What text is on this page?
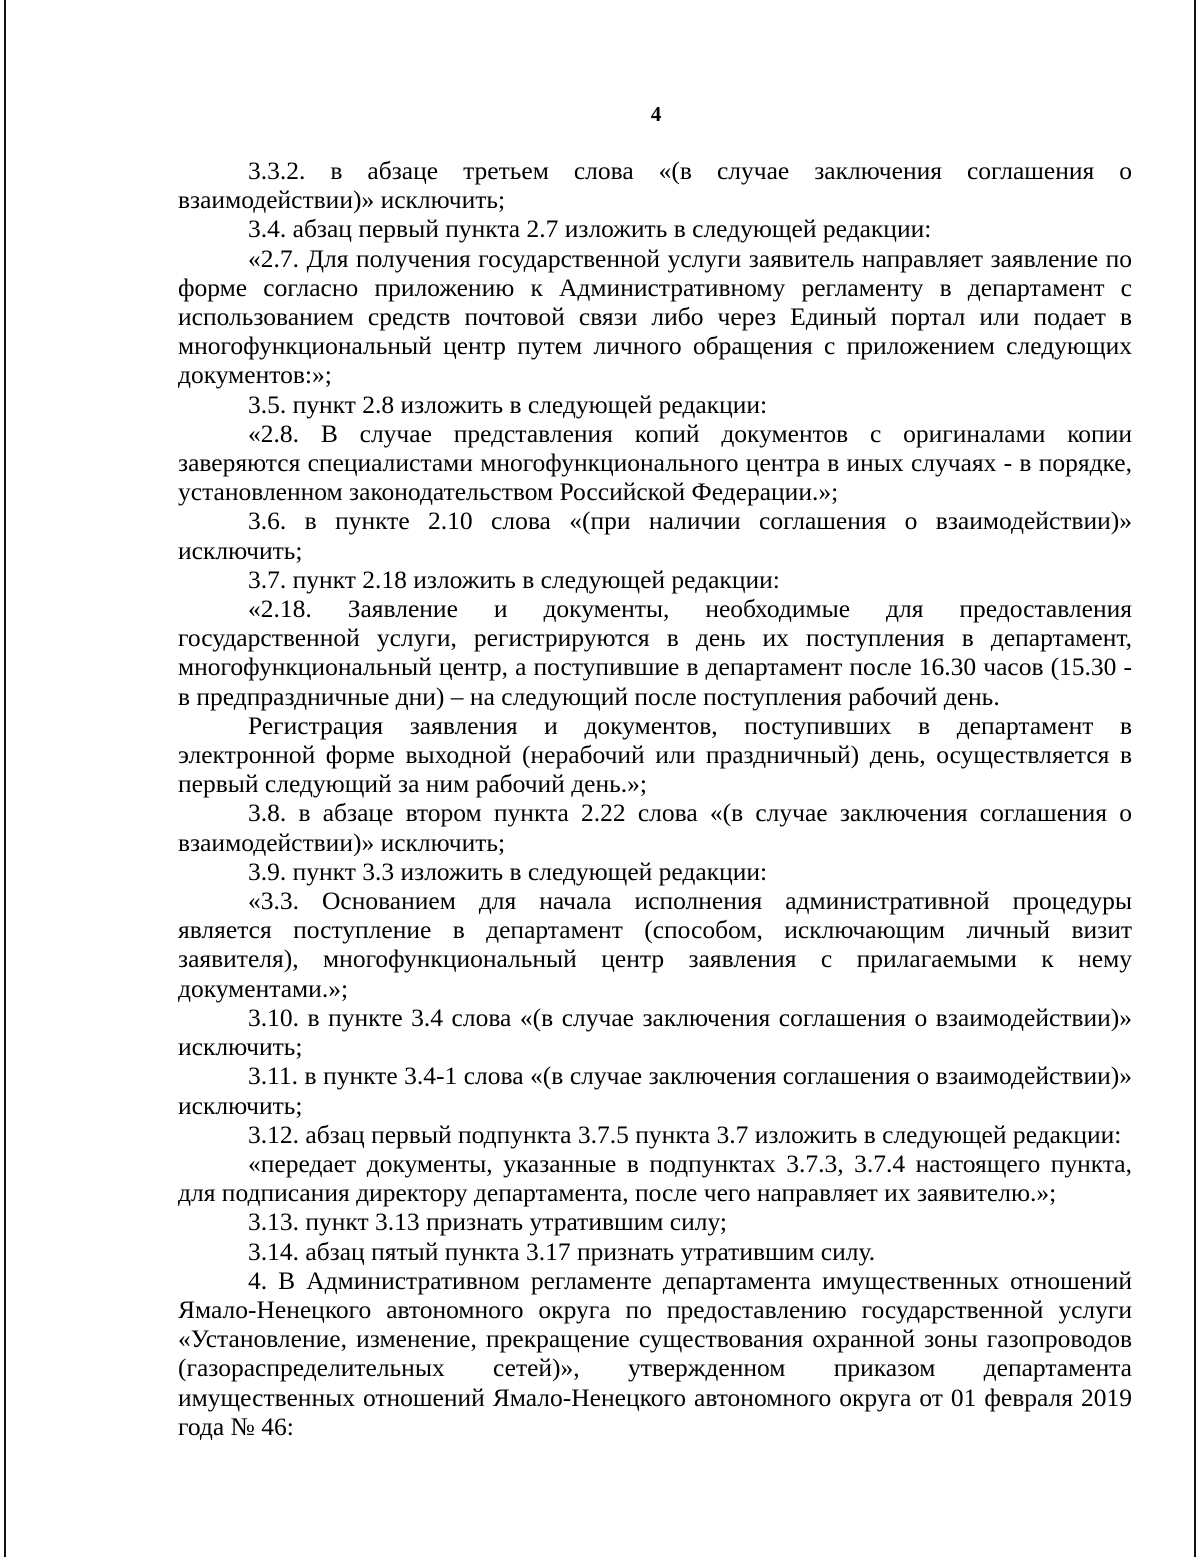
4

3.3.2. в абзаце третьем слова «(в случае заключения соглашения о взаимодействии)» исключить;

3.4. абзац первый пункта 2.7 изложить в следующей редакции:

«2.7. Для получения государственной услуги заявитель направляет заявление по форме согласно приложению к Административному регламенту в департамент с использованием средств почтовой связи либо через Единый портал или подает в многофункциональный центр путем личного обращения с приложением следующих документов:»;

3.5. пункт 2.8 изложить в следующей редакции:

«2.8. В случае представления копий документов с оригиналами копии заверяются специалистами многофункционального центра в иных случаях - в порядке, установленном законодательством Российской Федерации.»;

3.6. в пункте 2.10 слова «(при наличии соглашения о взаимодействии)» исключить;

3.7. пункт 2.18 изложить в следующей редакции:

«2.18. Заявление и документы, необходимые для предоставления государственной услуги, регистрируются в день их поступления в департамент, многофункциональный центр, а поступившие в департамент после 16.30 часов (15.30 - в предпраздничные дни) – на следующий после поступления рабочий день.

Регистрация заявления и документов, поступивших в департамент в электронной форме выходной (нерабочий или праздничный) день, осуществляется в первый следующий за ним рабочий день.»;

3.8. в абзаце втором пункта 2.22 слова «(в случае заключения соглашения о взаимодействии)» исключить;

3.9. пункт 3.3 изложить в следующей редакции:

«3.3. Основанием для начала исполнения административной процедуры является поступление в департамент (способом, исключающим личный визит заявителя), многофункциональный центр заявления с прилагаемыми к нему документами.»;

3.10. в пункте 3.4 слова «(в случае заключения соглашения о взаимодействии)» исключить;

3.11. в пункте 3.4-1 слова «(в случае заключения соглашения о взаимодействии)» исключить;

3.12. абзац первый подпункта 3.7.5 пункта 3.7 изложить в следующей редакции:

«передает документы, указанные в подпунктах 3.7.3, 3.7.4 настоящего пункта, для подписания директору департамента, после чего направляет их заявителю.»;

3.13. пункт 3.13 признать утратившим силу;

3.14. абзац пятый пункта 3.17 признать утратившим силу.

4. В Административном регламенте департамента имущественных отношений Ямало-Ненецкого автономного округа по предоставлению государственной услуги «Установление, изменение, прекращение существования охранной зоны газопроводов (газораспределительных сетей)», утвержденном приказом департамента имущественных отношений Ямало-Ненецкого автономного округа от 01 февраля 2019 года № 46:
